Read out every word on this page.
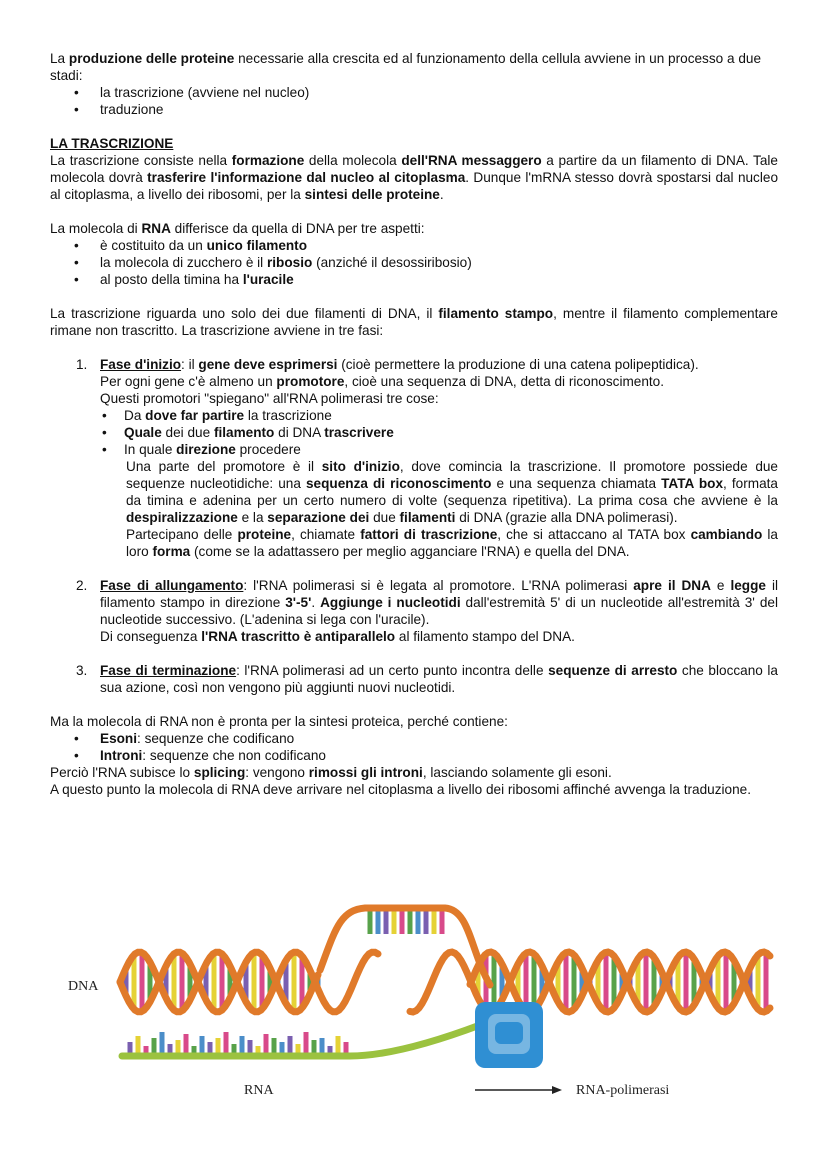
La produzione delle proteine necessarie alla crescita ed al funzionamento della cellula avviene in un processo a due stadi:

• la trascrizione (avviene nel nucleo)
• traduzione

LA TRASCRIZIONE

La trascrizione consiste nella formazione della molecola dell'RNA messaggero a partire da un filamento di DNA. Tale molecola dovrà trasferire l'informazione dal nucleo al citoplasma. Dunque l'mRNA stesso dovrà spostarsi dal nucleo al citoplasma, a livello dei ribosomi, per la sintesi delle proteine.

La molecola di RNA differisce da quella di DNA per tre aspetti:

• è costituito da un unico filamento
• la molecola di zucchero è il ribosio (anziché il desossiribosio)
• al posto della timina ha l'uracile

La trascrizione riguarda uno solo dei due filamenti di DNA, il filamento stampo, mentre il filamento complementare rimane non trascritto. La trascrizione avviene in tre fasi:

1. Fase d'inizio: il gene deve esprimersi (cioè permettere la produzione di una catena polipeptidica).

Per ogni gene c'è almeno un promotore, cioè una sequenza di DNA, detta di riconoscimento.

Questi promotori "spiegano" all'RNA polimerasi tre cose:

• Da dove far partire la trascrizione
• Quale dei due filamento di DNA trascrivere
• In quale direzione procedere

Una parte del promotore è il sito d'inizio, dove comincia la trascrizione. Il promotore possiede due sequenze nucleotidiche: una sequenza di riconoscimento e una sequenza chiamata TATA box, formata da timina e adenina per un certo numero di volte (sequenza ripetitiva). La prima cosa che avviene è la despiralizzazione e la separazione dei due filamenti di DNA (grazie alla DNA polimerasi).

Partecipano delle proteine, chiamate fattori di trascrizione, che si attaccano al TATA box cambiando la loro forma (come se la adattassero per meglio agganciare l'RNA) e quella del DNA.

2. Fase di allungamento: l'RNA polimerasi si è legata al promotore. L'RNA polimerasi apre il DNA e legge il filamento stampo in direzione 3'-5'. Aggiunge i nucleotidi dall'estremità 5' di un nucleotide all'estremità 3' del nucleotide successivo. (L'adenina si lega con l'uracile).

Di conseguenza l'RNA trascritto è antiparallelo al filamento stampo del DNA.

3. Fase di terminazione: l'RNA polimerasi ad un certo punto incontra delle sequenze di arresto che bloccano la sua azione, così non vengono più aggiunti nuovi nucleotidi.

Ma la molecola di RNA non è pronta per la sintesi proteica, perché contiene:

• Esoni: sequenze che codificano
• Introni: sequenze che non codificano

Perciò l'RNA subisce lo splicing: vengono rimossi gli introni, lasciando solamente gli esoni.

A questo punto la molecola di RNA deve arrivare nel citoplasma a livello dei ribosomi affinché avvenga la traduzione.

DNA
RNA	RNA-polimerasi
